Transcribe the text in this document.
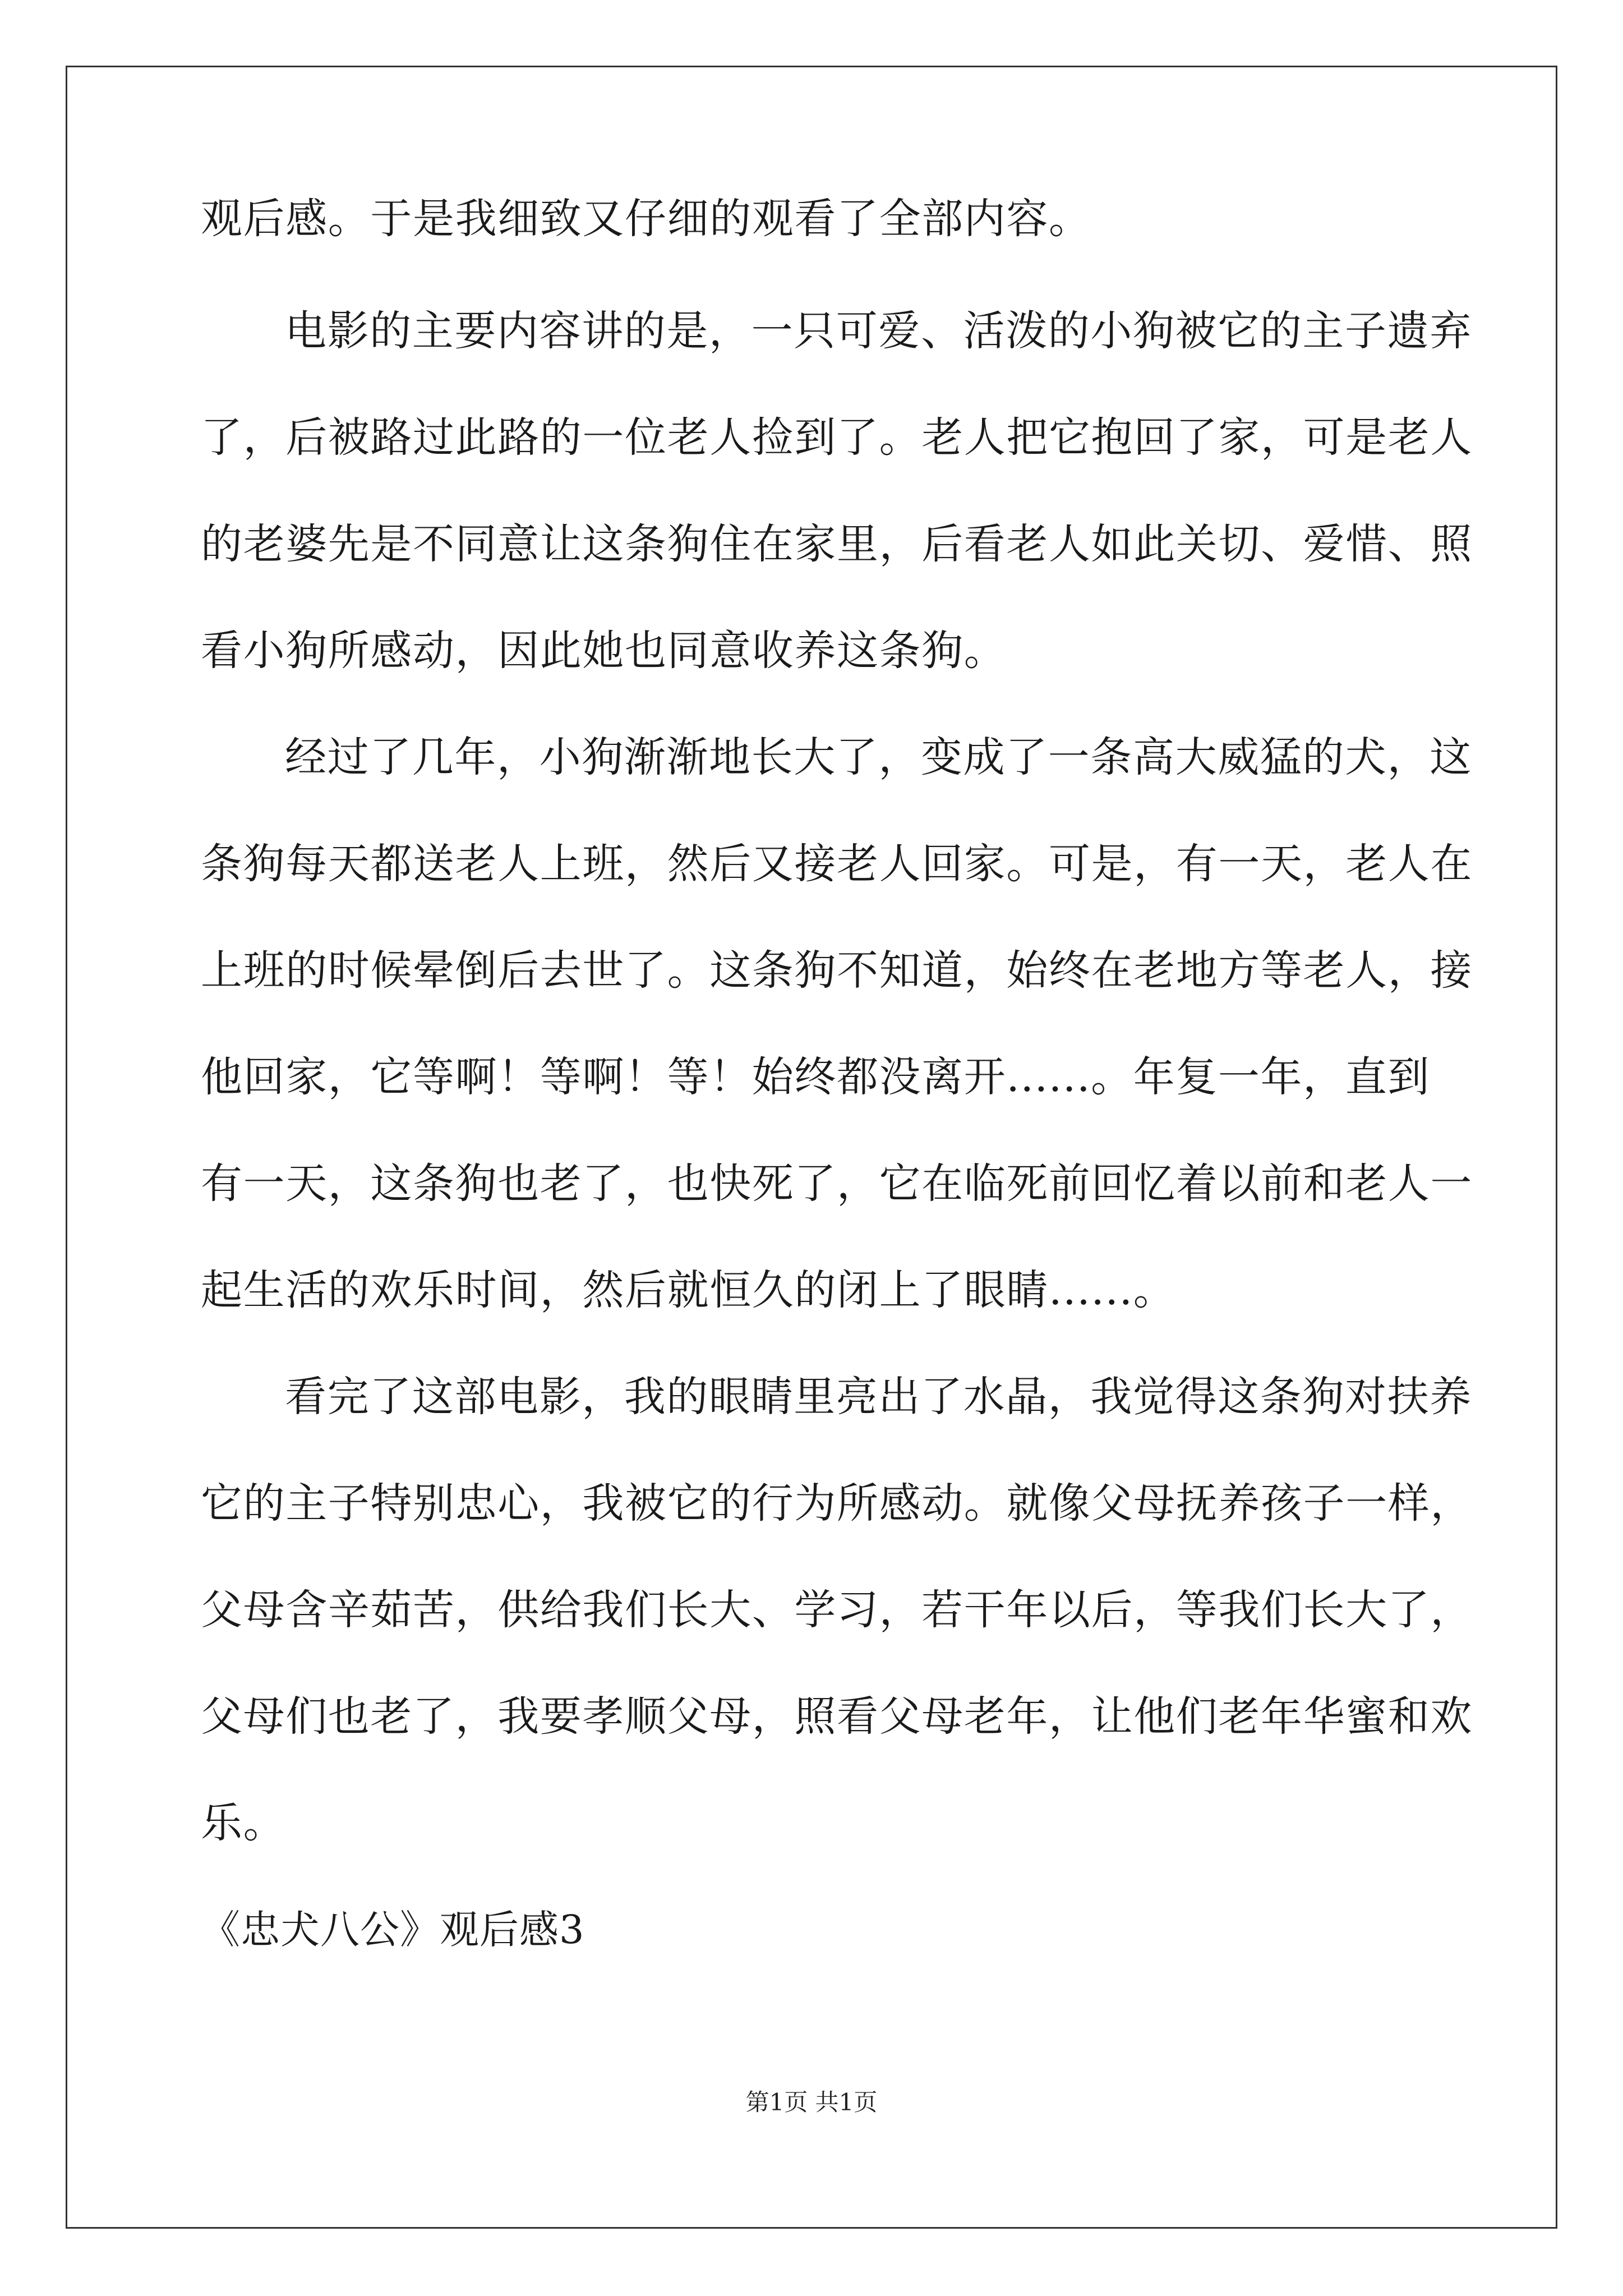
观后感。于是我细致又仔细的观看了全部内容。
电影的主要内容讲的是，一只可爱、活泼的小狗被它的主子遗弃
了，后被路过此路的一位老人捡到了。老人把它抱回了家，可是老人
的老婆先是不同意让这条狗住在家里，后看老人如此关切、爱惜、照
看小狗所感动，因此她也同意收养这条狗。
经过了几年，小狗渐渐地长大了，变成了一条高大威猛的犬，这
条狗每天都送老人上班，然后又接老人回家。可是，有一天，老人在
上班的时候晕倒后去世了。这条狗不知道，始终在老地方等老人，接
他回家，它等啊！等啊！等！始终都没离开......。年复一年，直到
有一天，这条狗也老了，也快死了，它在临死前回忆着以前和老人一
起生活的欢乐时间，然后就恒久的闭上了眼睛......。
看完了这部电影，我的眼睛里亮出了水晶，我觉得这条狗对扶养
它的主子特别忠心，我被它的行为所感动。就像父母抚养孩子一样，
父母含辛茹苦，供给我们长大、学习，若干年以后，等我们长大了，
父母们也老了，我要孝顺父母，照看父母老年，让他们老年华蜜和欢
乐。
《忠犬八公》观后感3
第1页 共1页
